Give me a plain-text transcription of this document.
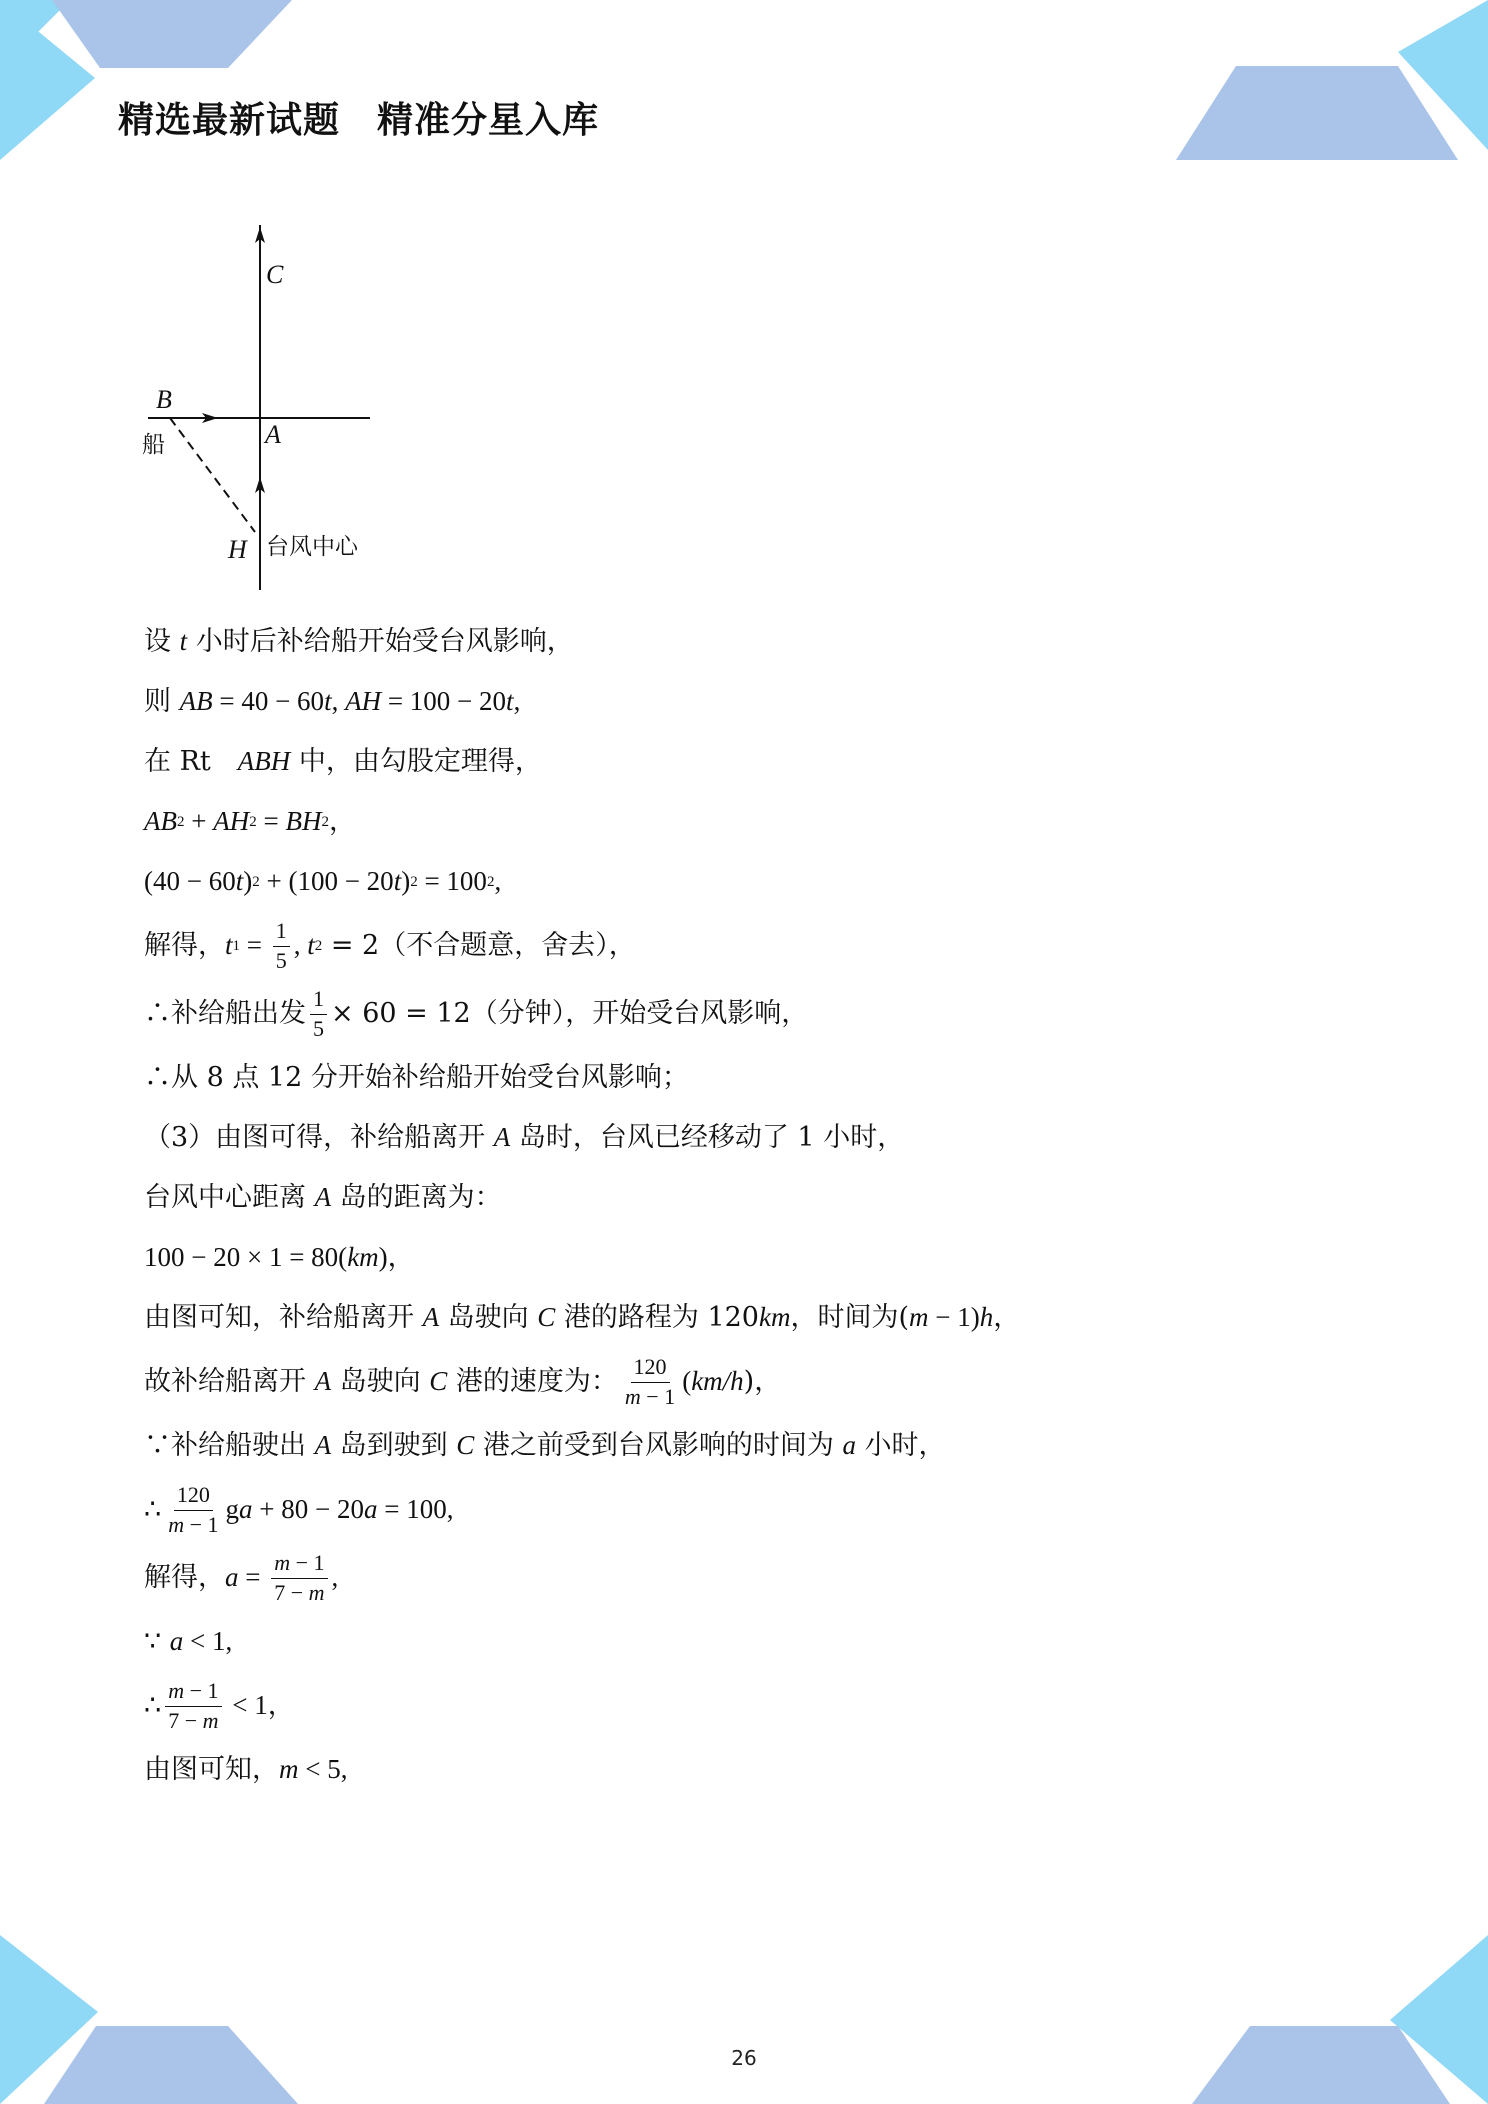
精选最新试题　精准分星入库
C
B
A
H
船
台风中心
设 t 小时后补给船开始受台风影响，
则 AB = 40 − 60 t , AH = 100 − 20 t ,
在 Rt　 ABH 中，由勾股定理得，
AB 2 + AH 2 = BH 2 ，
(40 − 60 t ) 2 + (100 − 20 t ) 2 = 100 2 ,
解得， t $1 = \frac{1}{5}$ , t 2 = 2（不合题意，舍去），
∴补给船出发 $\frac{1}{5} \times 60 = 12$（分钟），开始受台风影响，
∴从 8 点 12 分开始补给船开始受台风影响；
（3）由图可得，补给船离开 A 岛时，台风已经移动了 1 小时，
台风中心距离 A 岛的距离为：
100 − 20 × 1 = 80( km )，
由图可知，补给船离开 A 岛驶向 C 港的路程为 120 km ，时间为( m − 1) h ，
故补给船离开 A 岛驶向 C 港的速度为： $\frac{120}{m - 1}$ ( km/h )，
∵补给船驶出 A 岛到驶到 C 港之前受到台风影响的时间为 a 小时，
∴ $\frac{120}{m - 1}$ g a + 80 − 20 a = 100,
解得， $a = \frac{m - 1}{7 - m}$ ,
∵ a < 1,
∴ $\frac{m - 1}{7 - m} < 1$，
由图可知， m < 5,
26
